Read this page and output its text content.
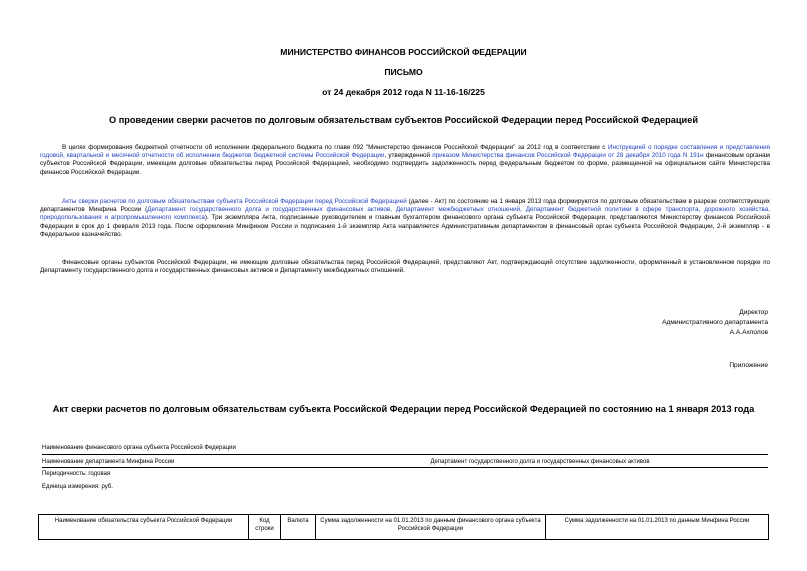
МИНИСТЕРСТВО ФИНАНСОВ РОССИЙСКОЙ ФЕДЕРАЦИИ
ПИСЬМО
от 24 декабря 2012 года N 11-16-16/225
О проведении сверки расчетов по долговым обязательствам субъектов Российской Федерации перед Российской Федерацией

В целях формирования бюджетной отчетности об исполнении федерального бюджета по главе 092 "Министерство финансов Российской Федерации" за 2012 год в соответствии с Инструкцией о порядке составления и представления годовой, квартальной и месячной отчетности об исполнении бюджетов бюджетной системы Российской Федерации, утвержденной приказом Министерства финансов Российской Федерации от 28 декабря 2010 года N 191н финансовым органам субъектов Российской Федерации, имеющим долговые обязательства перед Российской Федерацией, необходимо подтвердить задолженность перед федеральным бюджетом по форме, размещенной на официальном сайте Министерства финансов Российской Федерации.

Акты сверки расчетов по долговым обязательствам субъекта Российской Федерации перед Российской Федерацией (далее - Акт) по состоянию на 1 января 2013 года формируются по долговым обязательствам в разрезе соответствующих департаментов Минфина России (Департамент государственного долга и государственных финансовых активов, Департамент межбюджетных отношений, Департамент бюджетной политики в сфере транспорта, дорожного хозяйства, природопользования и агропромышленного комплекса). Три экземпляра Акта, подписанные руководителем и главным бухгалтером финансового органа субъекта Российской Федерации, представляются Министерству финансов Российской Федерации в срок до 1 февраля 2013 года. После оформления Минфином России и подписания 1-й экземпляр Акта направляется Административным департаментом в финансовый орган субъекта Российской Федерации, 2-й экземпляр - в Федеральное казначейство.

Финансовые органы субъектов Российской Федерации, не имеющие долговые обязательства перед Российской Федерацией, представляют Акт, подтверждающий отсутствие задолженности, оформленный в установленном порядке по Департаменту государственного долга и государственных финансовых активов и Департаменту межбюджетных отношений.

Директор
Административного департамента
А.А.Ахполов
Приложение
Акт сверки расчетов по долговым обязательствам субъекта Российской Федерации перед Российской Федерацией по состоянию на 1 января 2013 года
Наименование финансового органа субъекта Российской Федерации
Наименование департамента Минфина России	Департамент государственного долга и государственных финансовых активов
Периодичность: годовая
Единица измерения: руб.
Наименование обязательства субъекта Российской Федерации	Код строки	Валюта	Сумма задолженности на 01.01.2013 по данным финансового органа субъекта Российской Федерации	Сумма задолженности на 01.01.2013 по данным Минфина России
